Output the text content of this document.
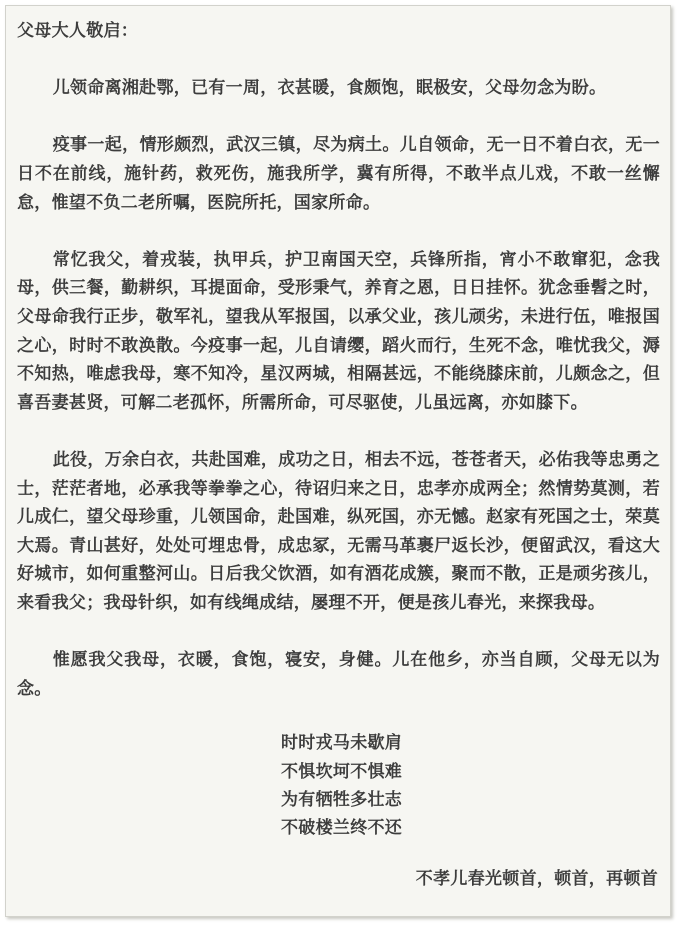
父母大人敬启：

儿领命离湘赴鄂，已有一周，衣甚暖，食颇饱，眠极安，父母勿念为盼。

疫事一起，情形颇烈，武汉三镇，尽为病土。儿自领命，无一日不着白衣，无一日不在前线，施针药，救死伤，施我所学，冀有所得，不敢半点儿戏，不敢一丝懈怠，惟望不负二老所嘱，医院所托，国家所命。

常忆我父，着戎装，执甲兵，护卫南国天空，兵锋所指，宵小不敢窜犯，念我母，供三餐，勤耕织，耳提面命，受形秉气，养育之恩，日日挂怀。犹念垂髫之时，父母命我行正步，敬军礼，望我从军报国，以承父业，孩儿顽劣，未进行伍，唯报国之心，时时不敢涣散。今疫事一起，儿自请缨，蹈火而行，生死不念，唯忧我父，溽不知热，唯虑我母，寒不知冷，星汉两城，相隔甚远，不能绕膝床前，儿颇念之，但喜吾妻甚贤，可解二老孤怀，所需所命，可尽驱使，儿虽远离，亦如膝下。

此役，万余白衣，共赴国难，成功之日，相去不远，苍苍者天，必佑我等忠勇之士，茫茫者地，必承我等拳拳之心，待诏归来之日，忠孝亦成两全；然情势莫测，若儿成仁，望父母珍重，儿领国命，赴国难，纵死国，亦无憾。赵家有死国之士，荣莫大焉。青山甚好，处处可埋忠骨，成忠冢，无需马革裹尸返长沙，便留武汉，看这大好城市，如何重整河山。日后我父饮酒，如有酒花成簇，聚而不散，正是顽劣孩儿，来看我父；我母针织，如有线绳成结，屡理不开，便是孩儿春光，来探我母。

惟愿我父我母，衣暖，食饱，寝安，身健。儿在他乡，亦当自顾，父母无以为念。

时时戎马未歇肩
不惧坎坷不惧难
为有牺牲多壮志
不破楼兰终不还

不孝儿春光顿首，顿首，再顿首
